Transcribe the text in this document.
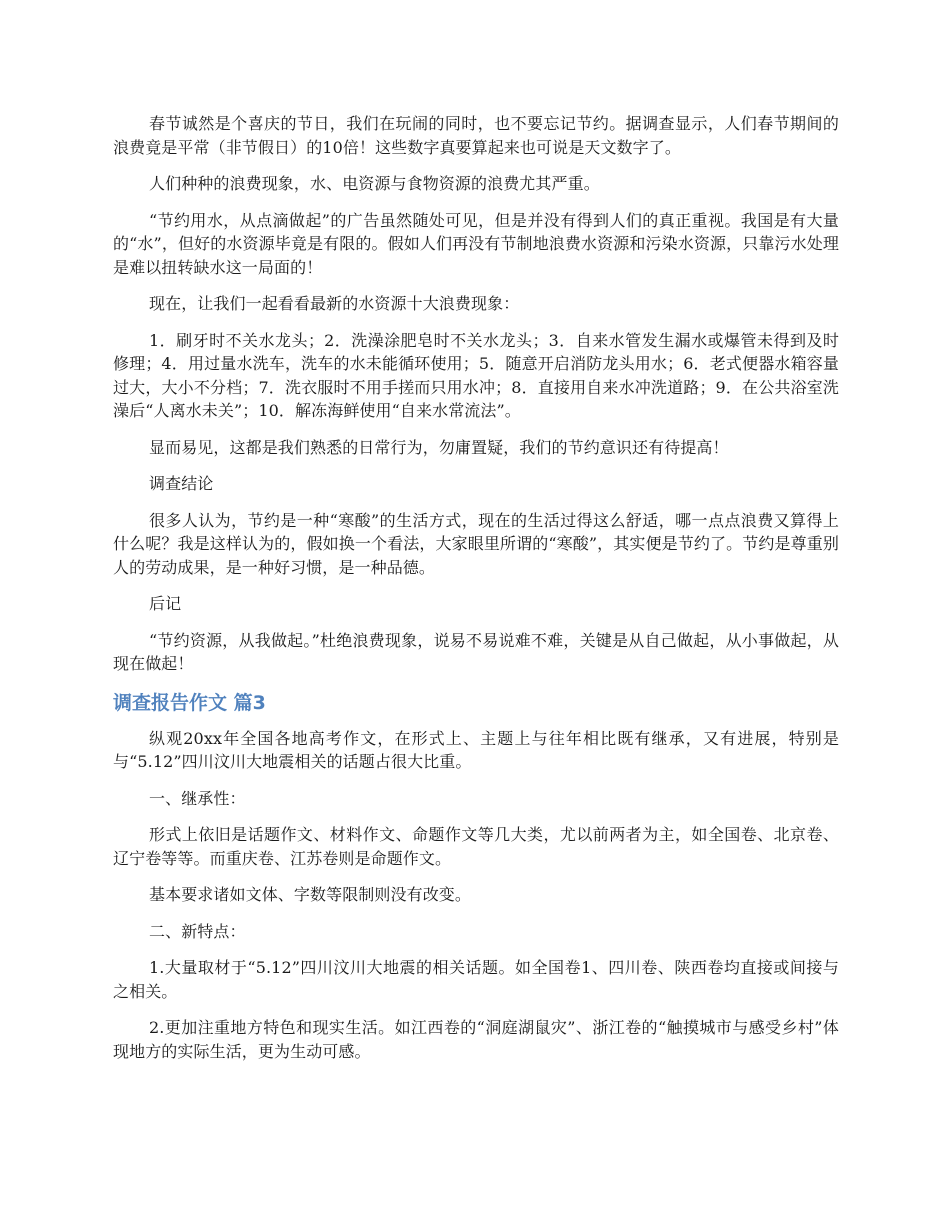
春节诚然是个喜庆的节日，我们在玩闹的同时，也不要忘记节约。据调查显示，人们春节期间的浪费竟是平常（非节假日）的10倍！这些数字真要算起来也可说是天文数字了。

人们种种的浪费现象，水、电资源与食物资源的浪费尤其严重。

“节约用水，从点滴做起”的广告虽然随处可见，但是并没有得到人们的真正重视。我国是有大量的“水”，但好的水资源毕竟是有限的。假如人们再没有节制地浪费水资源和污染水资源，只靠污水处理是难以扭转缺水这一局面的！

现在，让我们一起看看最新的水资源十大浪费现象：

1．刷牙时不关水龙头；2．洗澡涂肥皂时不关水龙头；3．自来水管发生漏水或爆管未得到及时修理；4．用过量水洗车，洗车的水未能循环使用；5．随意开启消防龙头用水；6．老式便器水箱容量过大，大小不分档；7．洗衣服时不用手搓而只用水冲；8．直接用自来水冲洗道路；9．在公共浴室洗澡后“人离水未关”；10．解冻海鲜使用“自来水常流法”。

显而易见，这都是我们熟悉的日常行为，勿庸置疑，我们的节约意识还有待提高！

调查结论

很多人认为，节约是一种“寒酸”的生活方式，现在的生活过得这么舒适，哪一点点浪费又算得上什么呢？我是这样认为的，假如换一个看法，大家眼里所谓的“寒酸”，其实便是节约了。节约是尊重别人的劳动成果，是一种好习惯，是一种品德。

后记

“节约资源，从我做起。”杜绝浪费现象，说易不易说难不难，关键是从自己做起，从小事做起，从现在做起！

调查报告作文 篇3

纵观20xx年全国各地高考作文，在形式上、主题上与往年相比既有继承，又有进展，特别是与“5.12”四川汶川大地震相关的话题占很大比重。

一、继承性：

形式上依旧是话题作文、材料作文、命题作文等几大类，尤以前两者为主，如全国卷、北京卷、辽宁卷等等。而重庆卷、江苏卷则是命题作文。

基本要求诸如文体、字数等限制则没有改变。

二、新特点：

1.大量取材于“5.12”四川汶川大地震的相关话题。如全国卷1、四川卷、陕西卷均直接或间接与之相关。

2.更加注重地方特色和现实生活。如江西卷的“洞庭湖鼠灾”、浙江卷的“触摸城市与感受乡村”体现地方的实际生活，更为生动可感。
